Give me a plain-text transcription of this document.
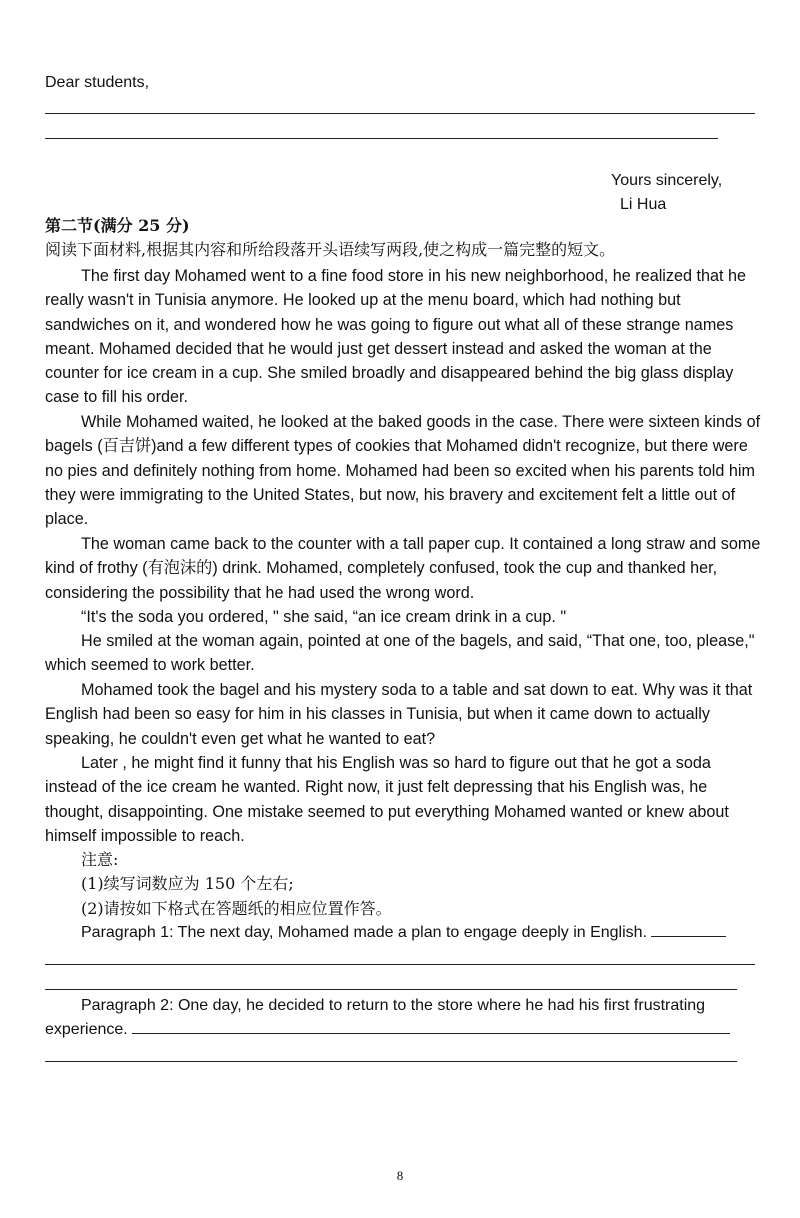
Dear students,
Yours sincerely,
Li Hua
第二节(满分 25 分)
阅读下面材料,根据其内容和所给段落开头语续写两段,使之构成一篇完整的短文。
The first day Mohamed went to a fine food store in his new neighborhood, he realized that he really wasn't in Tunisia anymore. He looked up at the menu board, which had nothing but sandwiches on it, and wondered how he was going to figure out what all of these strange names meant. Mohamed decided that he would just get dessert instead and asked the woman at the counter for ice cream in a cup. She smiled broadly and disappeared behind the big glass display case to fill his order.
While Mohamed waited, he looked at the baked goods in the case. There were sixteen kinds of bagels (百吉饼)and a few different types of cookies that Mohamed didn't recognize, but there were no pies and definitely nothing from home. Mohamed had been so excited when his parents told him they were immigrating to the United States, but now, his bravery and excitement felt a little out of place.
The woman came back to the counter with a tall paper cup. It contained a long straw and some kind of frothy (有泡沫的) drink. Mohamed, completely confused, took the cup and thanked her, considering the possibility that he had used the wrong word.
“It's the soda you ordered, " she said, “an ice cream drink in a cup. "
He smiled at the woman again, pointed at one of the bagels, and said, “That one, too, please," which seemed to work better.
Mohamed took the bagel and his mystery soda to a table and sat down to eat. Why was it that English had been so easy for him in his classes in Tunisia, but when it came down to actually speaking, he couldn't even get what he wanted to eat?
Later , he might find it funny that his English was so hard to figure out that he got a soda instead of the ice cream he wanted. Right now, it just felt depressing that his English was, he thought, disappointing. One mistake seemed to put everything Mohamed wanted or knew about himself impossible to reach.
注意:
(1)续写词数应为 150 个左右;
(2)请按如下格式在答题纸的相应位置作答。
Paragraph 1: The next day, Mohamed made a plan to engage deeply in English.
Paragraph 2: One day, he decided to return to the store where he had his first frustrating
experience.
8
